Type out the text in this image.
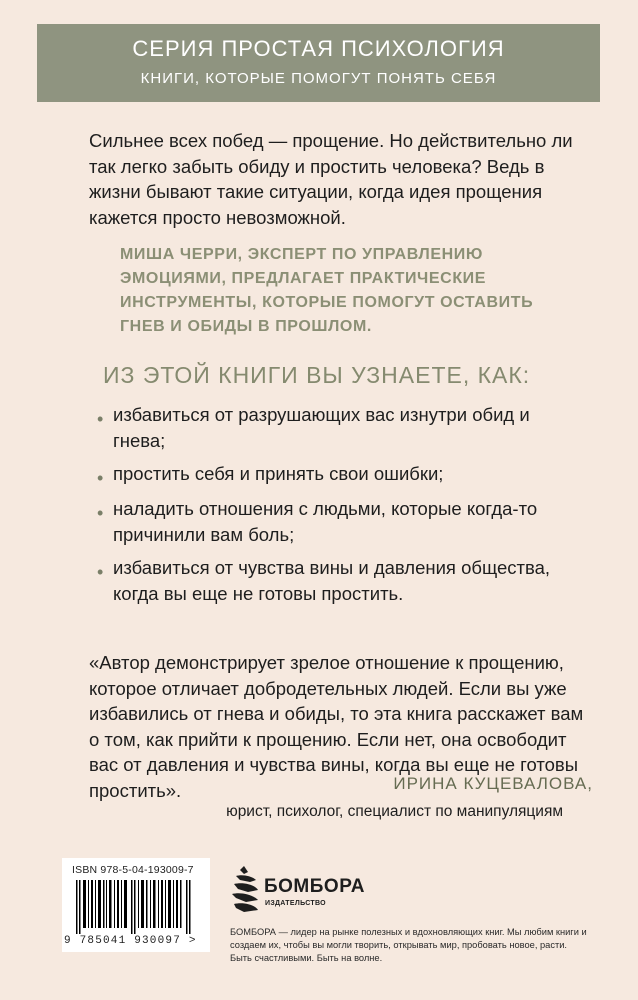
СЕРИЯ ПРОСТАЯ ПСИХОЛОГИЯ
КНИГИ, КОТОРЫЕ ПОМОГУТ ПОНЯТЬ СЕБЯ

Сильнее всех побед — прощение. Но действительно ли так легко забыть обиду и простить человека? Ведь в жизни бывают такие ситуации, когда идея прощения кажется просто невозможной.

МИША ЧЕРРИ, ЭКСПЕРТ ПО УПРАВЛЕНИЮ ЭМОЦИЯМИ, ПРЕДЛАГАЕТ ПРАКТИЧЕСКИЕ ИНСТРУМЕНТЫ, КОТОРЫЕ ПОМОГУТ ОСТАВИТЬ ГНЕВ И ОБИДЫ В ПРОШЛОМ.

ИЗ ЭТОЙ КНИГИ ВЫ УЗНАЕТЕ, КАК:
• избавиться от разрушающих вас изнутри обид и гнева;
• простить себя и принять свои ошибки;
• наладить отношения с людьми, которые когда-то причинили вам боль;
• избавиться от чувства вины и давления общества, когда вы еще не готовы простить.

«Автор демонстрирует зрелое отношение к прощению, которое отличает добродетельных людей. Если вы уже избавились от гнева и обиды, то эта книга расскажет вам о том, как прийти к прощению. Если нет, она освободит вас от давления и чувства вины, когда вы еще не готовы простить».	ИРИНА КУЦЕВАЛОВА,
юрист, психолог, специалист по манипуляциям
ISBN 978-5-04-193009-7
9 785041 930097 >
БОМБОРА
ИЗДАТЕЛЬСТВО

БОМБОРА — лидер на рынке полезных и вдохновляющих книг. Мы любим книги и создаем их, чтобы вы могли творить, открывать мир, пробовать новое, расти. Быть счастливыми. Быть на волне.
